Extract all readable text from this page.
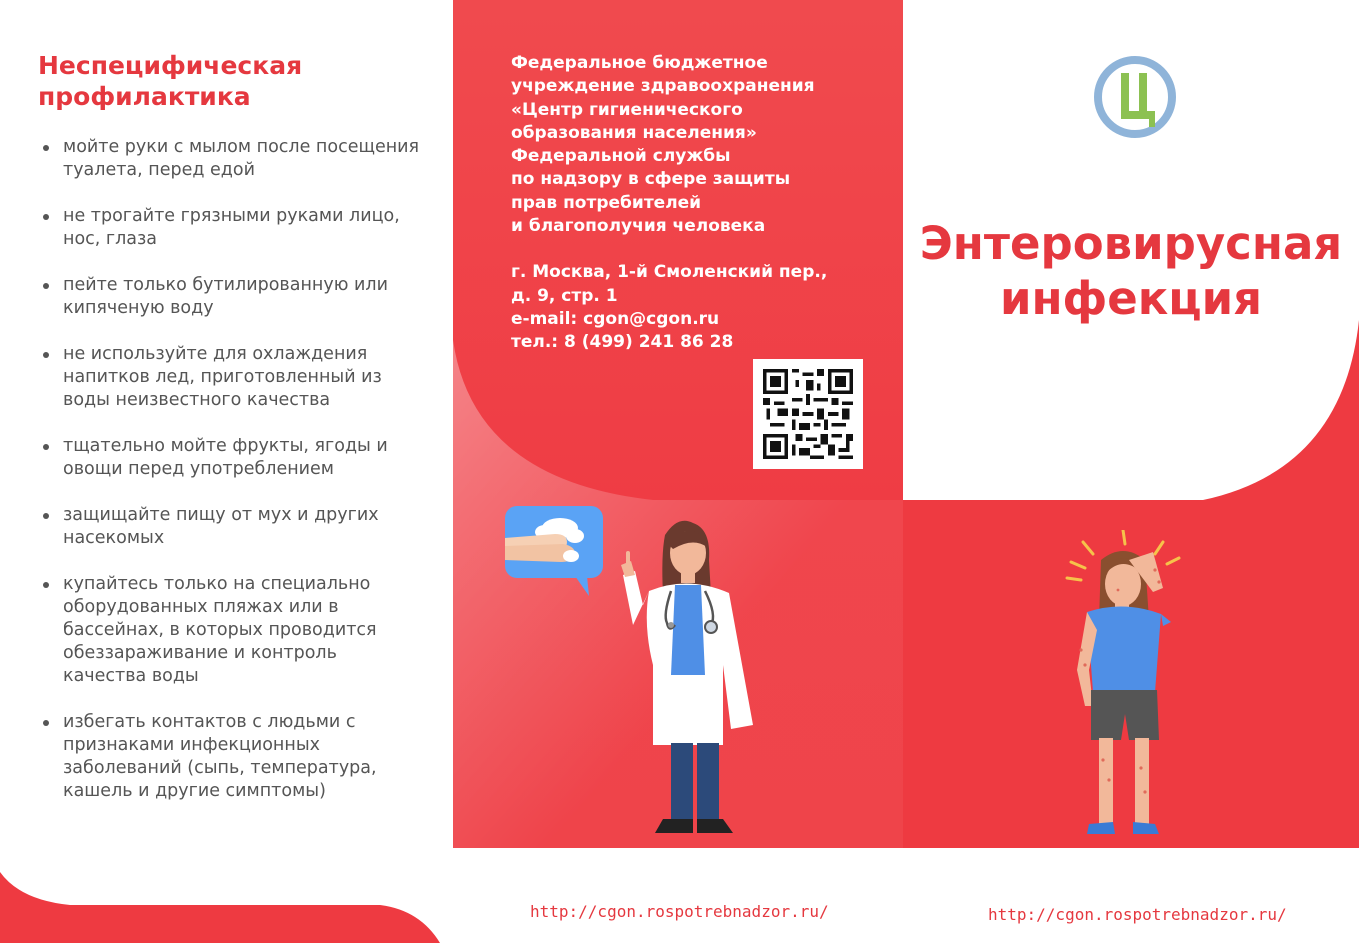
Неспецифическая профилактика
мойте руки с мылом после посещения туалета, перед едой
не трогайте грязными руками лицо, нос, глаза
пейте только бутилированную или кипяченую воду
не используйте для охлаждения напитков лед, приготовленный из воды неизвестного качества
тщательно мойте фрукты, ягоды и овощи перед употреблением
защищайте пищу от мух и других насекомых
купайтесь только на специально оборудованных пляжах или в бассейнах, в которых проводится обеззараживание и контроль качества воды
избегать контактов с людьми с признаками инфекционных заболеваний (сыпь, температура, кашель и другие симптомы)
Федеральное бюджетное
учреждение здравоохранения
«Центр гигиенического
образования населения»
Федеральной службы
по надзору в сфере защиты
прав потребителей
и благополучия человека
г. Москва, 1-й Смоленский пер.,
д. 9, стр. 1
e-mail: cgon@cgon.ru
тел.: 8 (499) 241 86 28
Энтеровирусная
инфекция
http://cgon.rospotrebnadzor.ru/	http://cgon.rospotrebnadzor.ru/
